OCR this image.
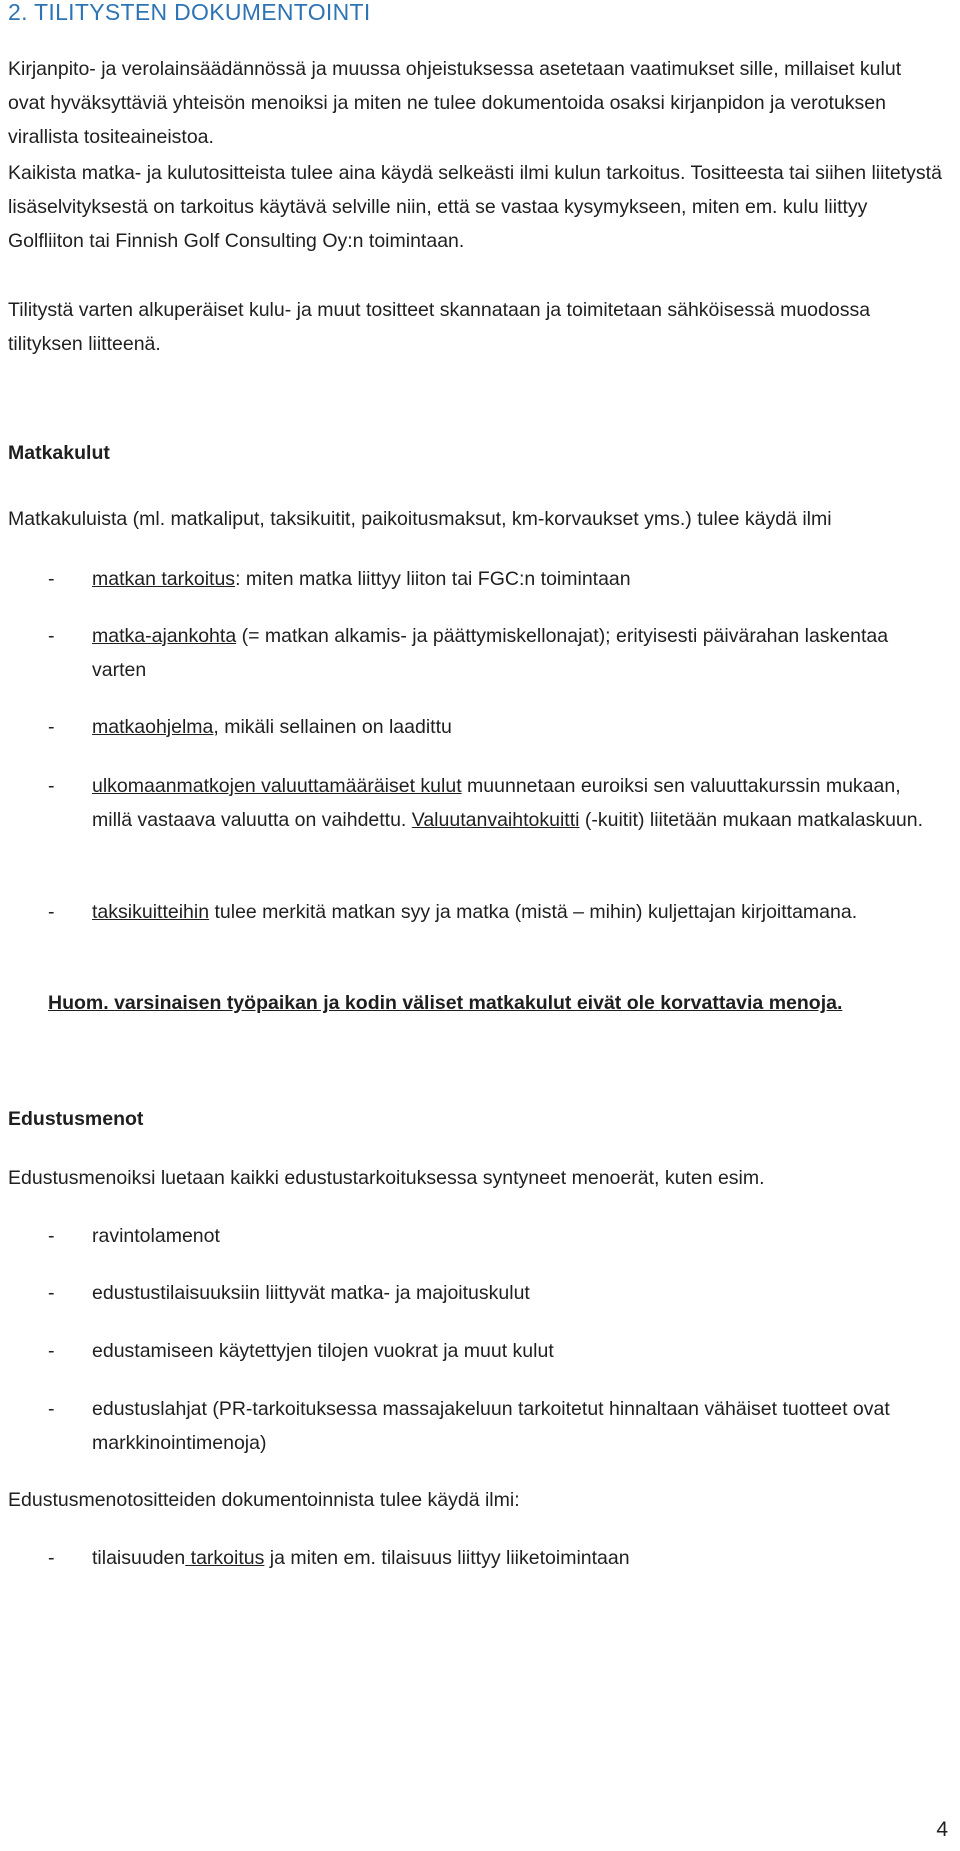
2. TILITYSTEN DOKUMENTOINTI

Kirjanpito- ja verolainsäädännössä ja muussa ohjeistuksessa asetetaan vaatimukset sille, millaiset kulut ovat hyväksyttäviä yhteisön menoiksi ja miten ne tulee dokumentoida osaksi kirjanpidon ja verotuksen virallista tositeaineistoa.

Kaikista matka- ja kulutositteista tulee aina käydä selkeästi ilmi kulun tarkoitus. Tositteesta tai siihen liitetystä lisäselvityksestä on tarkoitus käytävä selville niin, että se vastaa kysymykseen, miten em. kulu liittyy Golfliiton tai Finnish Golf Consulting Oy:n toimintaan.

Tilitystä varten alkuperäiset kulu- ja muut tositteet skannataan ja toimitetaan sähköisessä muodossa tilityksen liitteenä.

Matkakulut

Matkakuluista (ml. matkaliput, taksikuitit, paikoitusmaksut, km-korvaukset yms.) tulee käydä ilmi

- matkan tarkoitus: miten matka liittyy liiton tai FGC:n toimintaan
- matka-ajankohta (= matkan alkamis- ja päättymiskellonajat); erityisesti päivärahan laskentaa varten
- matkaohjelma, mikäli sellainen on laadittu
- ulkomaanmatkojen valuuttamääräiset kulut muunnetaan euroiksi sen valuuttakurssin mukaan, millä vastaava valuutta on vaihdettu. Valuutanvaihtokuitti (-kuitit) liitetään mukaan matkalaskuun.
- taksikuitteihin tulee merkitä matkan syy ja matka (mistä – mihin) kuljettajan kirjoittamana.

Huom. varsinaisen työpaikan ja kodin väliset matkakulut eivät ole korvattavia menoja.

Edustusmenot

Edustusmenoiksi luetaan kaikki edustustarkoituksessa syntyneet menoerät, kuten esim.

- ravintolamenot
- edustustilaisuuksiin liittyvät matka- ja majoituskulut
- edustamiseen käytettyjen tilojen vuokrat ja muut kulut
- edustuslahjat (PR-tarkoituksessa massajakeluun tarkoitetut hinnaltaan vähäiset tuotteet ovat markkinointimenoja)

Edustusmenotositteiden dokumentoinnista tulee käydä ilmi:

- tilaisuuden tarkoitus ja miten em. tilaisuus liittyy liiketoimintaan
4
